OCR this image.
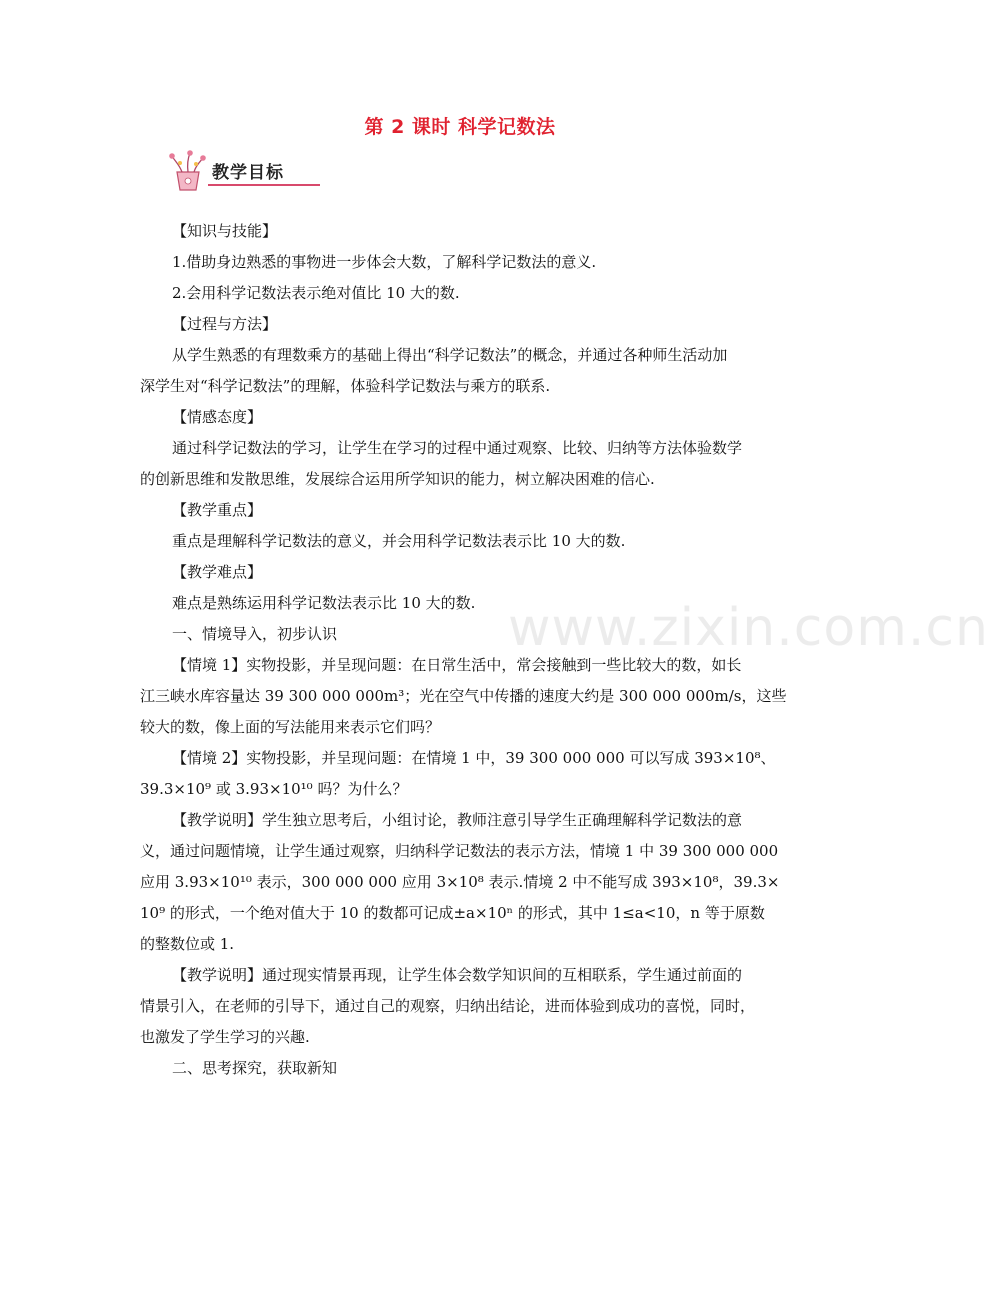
第 2 课时 科学记数法
教学目标
www.zixin.com.cn
【知识与技能】
1.借助身边熟悉的事物进一步体会大数，了解科学记数法的意义.
2.会用科学记数法表示绝对值比 10 大的数.
【过程与方法】
从学生熟悉的有理数乘方的基础上得出“科学记数法”的概念，并通过各种师生活动加
深学生对“科学记数法”的理解，体验科学记数法与乘方的联系.
【情感态度】
通过科学记数法的学习，让学生在学习的过程中通过观察、比较、归纳等方法体验数学
的创新思维和发散思维，发展综合运用所学知识的能力，树立解决困难的信心.
【教学重点】
重点是理解科学记数法的意义，并会用科学记数法表示比 10 大的数.
【教学难点】
难点是熟练运用科学记数法表示比 10 大的数.
一、情境导入，初步认识
【情境 1】实物投影，并呈现问题：在日常生活中，常会接触到一些比较大的数，如长
江三峡水库容量达 39 300 000 000m³；光在空气中传播的速度大约是 300 000 000m/s，这些
较大的数，像上面的写法能用来表示它们吗？
【情境 2】实物投影，并呈现问题：在情境 1 中，39 300 000 000 可以写成 393×10⁸、
39.3×10⁹ 或 3.93×10¹⁰ 吗？为什么？
【教学说明】学生独立思考后，小组讨论，教师注意引导学生正确理解科学记数法的意
义，通过问题情境，让学生通过观察，归纳科学记数法的表示方法，情境 1 中 39 300 000 000
应用 3.93×10¹⁰ 表示，300 000 000 应用 3×10⁸ 表示.情境 2 中不能写成 393×10⁸，39.3×
10⁹ 的形式，一个绝对值大于 10 的数都可记成±a×10ⁿ 的形式，其中 1≤a<10，n 等于原数
的整数位或 1.
【教学说明】通过现实情景再现，让学生体会数学知识间的互相联系，学生通过前面的
情景引入，在老师的引导下，通过自己的观察，归纳出结论，进而体验到成功的喜悦，同时，
也激发了学生学习的兴趣.
二、思考探究，获取新知
